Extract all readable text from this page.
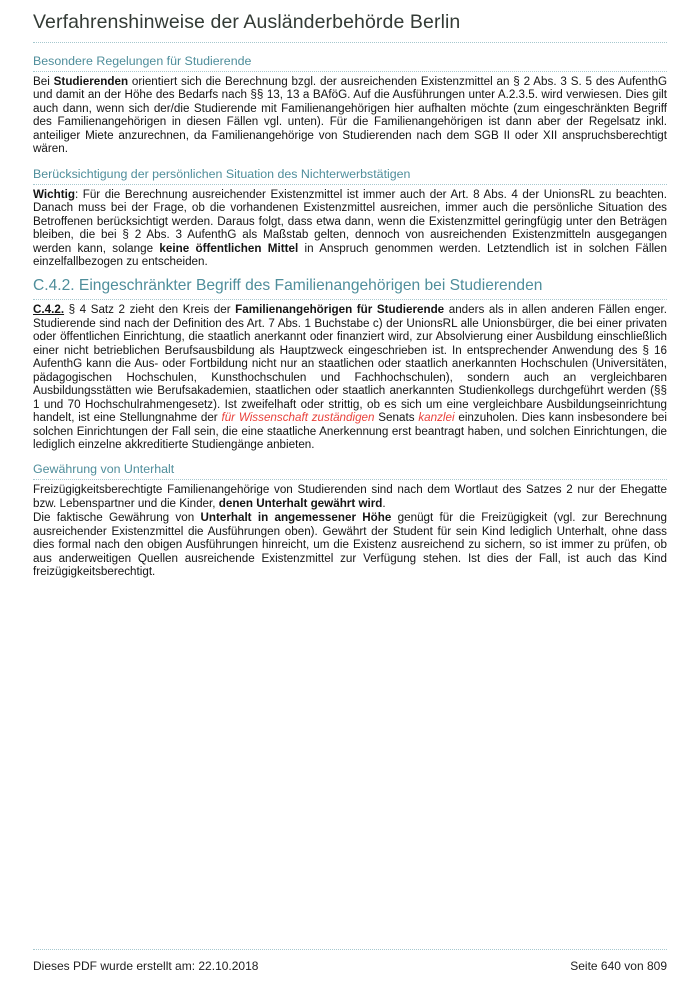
Verfahrenshinweise der Ausländerbehörde Berlin
Besondere Regelungen für Studierende

Bei Studierenden orientiert sich die Berechnung bzgl. der ausreichenden Existenzmittel an § 2 Abs. 3 S. 5 des AufenthG und damit an der Höhe des Bedarfs nach §§ 13, 13 a BAföG. Auf die Ausführungen unter A.2.3.5. wird verwiesen. Dies gilt auch dann, wenn sich der/die Studierende mit Familienangehörigen hier aufhalten möchte (zum eingeschränkten Begriff des Familienangehörigen in diesen Fällen vgl. unten). Für die Familienangehörigen ist dann aber der Regelsatz inkl. anteiliger Miete anzurechnen, da Familienangehörige von Studierenden nach dem SGB II oder XII anspruchsberechtigt wären.

Berücksichtigung der persönlichen Situation des Nichterwerbstätigen

Wichtig: Für die Berechnung ausreichender Existenzmittel ist immer auch der Art. 8 Abs. 4 der UnionsRL zu beachten. Danach muss bei der Frage, ob die vorhandenen Existenzmittel ausreichen, immer auch die persönliche Situation des Betroffenen berücksichtigt werden. Daraus folgt, dass etwa dann, wenn die Existenzmittel geringfügig unter den Beträgen bleiben, die bei § 2 Abs. 3 AufenthG als Maßstab gelten, dennoch von ausreichenden Existenzmitteln ausgegangen werden kann, solange keine öffentlichen Mittel in Anspruch genommen werden. Letztendlich ist in solchen Fällen einzelfallbezogen zu entscheiden.

C.4.2. Eingeschränkter Begriff des Familienangehörigen bei Studierenden

C.4.2. § 4 Satz 2 zieht den Kreis der Familienangehörigen für Studierende anders als in allen anderen Fällen enger. Studierende sind nach der Definition des Art. 7 Abs. 1 Buchstabe c) der UnionsRL alle Unionsbürger, die bei einer privaten oder öffentlichen Einrichtung, die staatlich anerkannt oder finanziert wird, zur Absolvierung einer Ausbildung einschließlich einer nicht betrieblichen Berufsausbildung als Hauptzweck eingeschrieben ist. In entsprechender Anwendung des § 16 AufenthG kann die Aus- oder Fortbildung nicht nur an staatlichen oder staatlich anerkannten Hochschulen (Universitäten, pädagogischen Hochschulen, Kunsthochschulen und Fachhochschulen), sondern auch an vergleichbaren Ausbildungsstätten wie Berufsakademien, staatlichen oder staatlich anerkannten Studienkollegs durchgeführt werden (§§ 1 und 70 Hochschulrahmengesetz). Ist zweifelhaft oder strittig, ob es sich um eine vergleichbare Ausbildungseinrichtung handelt, ist eine Stellungnahme der für Wissenschaft zuständigen Senats kanzlei einzuholen. Dies kann insbesondere bei solchen Einrichtungen der Fall sein, die eine staatliche Anerkennung erst beantragt haben, und solchen Einrichtungen, die lediglich einzelne akkreditierte Studiengänge anbieten.

Gewährung von Unterhalt

Freizügigkeitsberechtigte Familienangehörige von Studierenden sind nach dem Wortlaut des Satzes 2 nur der Ehegatte bzw. Lebenspartner und die Kinder, denen Unterhalt gewährt wird.

Die faktische Gewährung von Unterhalt in angemessener Höhe genügt für die Freizügigkeit (vgl. zur Berechnung ausreichender Existenzmittel die Ausführungen oben). Gewährt der Student für sein Kind lediglich Unterhalt, ohne dass dies formal nach den obigen Ausführungen hinreicht, um die Existenz ausreichend zu sichern, so ist immer zu prüfen, ob aus anderweitigen Quellen ausreichende Existenzmittel zur Verfügung stehen. Ist dies der Fall, ist auch das Kind freizügigkeitsberechtigt.

Dieses PDF wurde erstellt am: 22.10.2018	Seite 640 von 809
